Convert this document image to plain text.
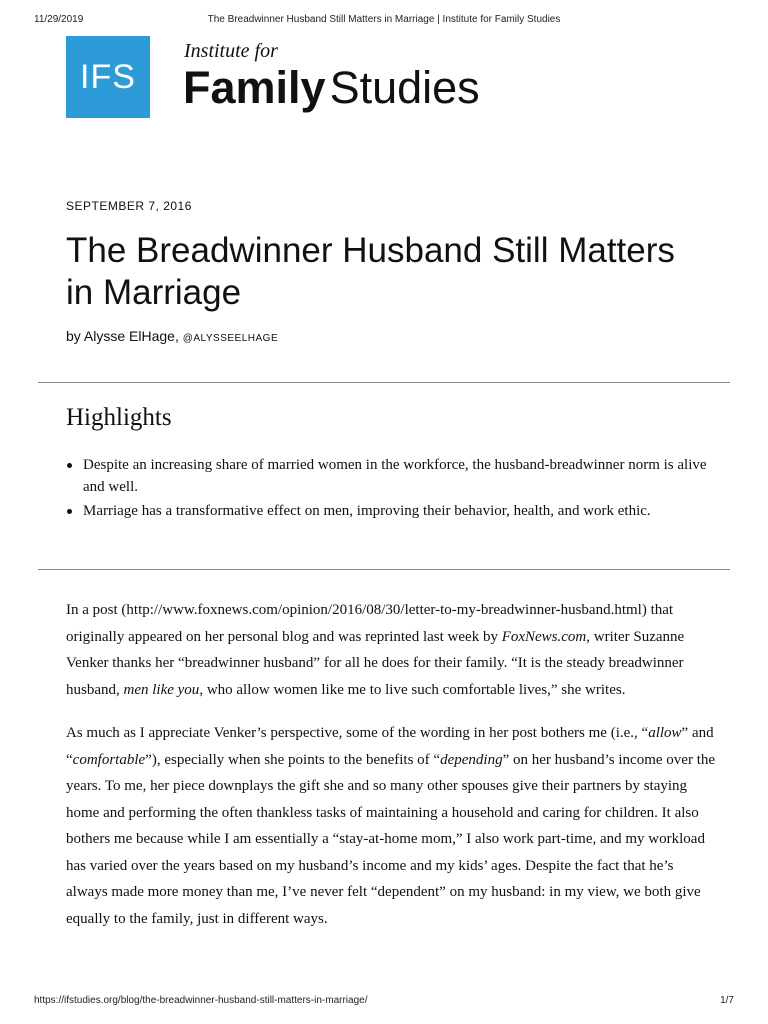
11/29/2019	The Breadwinner Husband Still Matters in Marriage | Institute for Family Studies
IFS
Institute for
FamilyStudies
SEPTEMBER 7, 2016
The Breadwinner Husband Still Matters in Marriage
by Alysse ElHage, @ALYSSEELHAGE
Highlights
Despite an increasing share of married women in the workforce, the husband-breadwinner norm is alive and well.
Marriage has a transformative effect on men, improving their behavior, health, and work ethic.

In a post (http://www.foxnews.com/opinion/2016/08/30/letter-to-my-breadwinner-husband.html) that originally appeared on her personal blog and was reprinted last week by FoxNews.com, writer Suzanne Venker thanks her “breadwinner husband” for all he does for their family. “It is the steady breadwinner husband, men like you, who allow women like me to live such comfortable lives,” she writes.

As much as I appreciate Venker’s perspective, some of the wording in her post bothers me (i.e., “allow” and “comfortable”), especially when she points to the benefits of “depending” on her husband’s income over the years. To me, her piece downplays the gift she and so many other spouses give their partners by staying home and performing the often thankless tasks of maintaining a household and caring for children. It also bothers me because while I am essentially a “stay-at-home mom,” I also work part-time, and my workload has varied over the years based on my husband’s income and my kids’ ages. Despite the fact that he’s always made more money than me, I’ve never felt “dependent” on my husband: in my view, we both give equally to the family, just in different ways.

https://ifstudies.org/blog/the-breadwinner-husband-still-matters-in-marriage/	1/7
